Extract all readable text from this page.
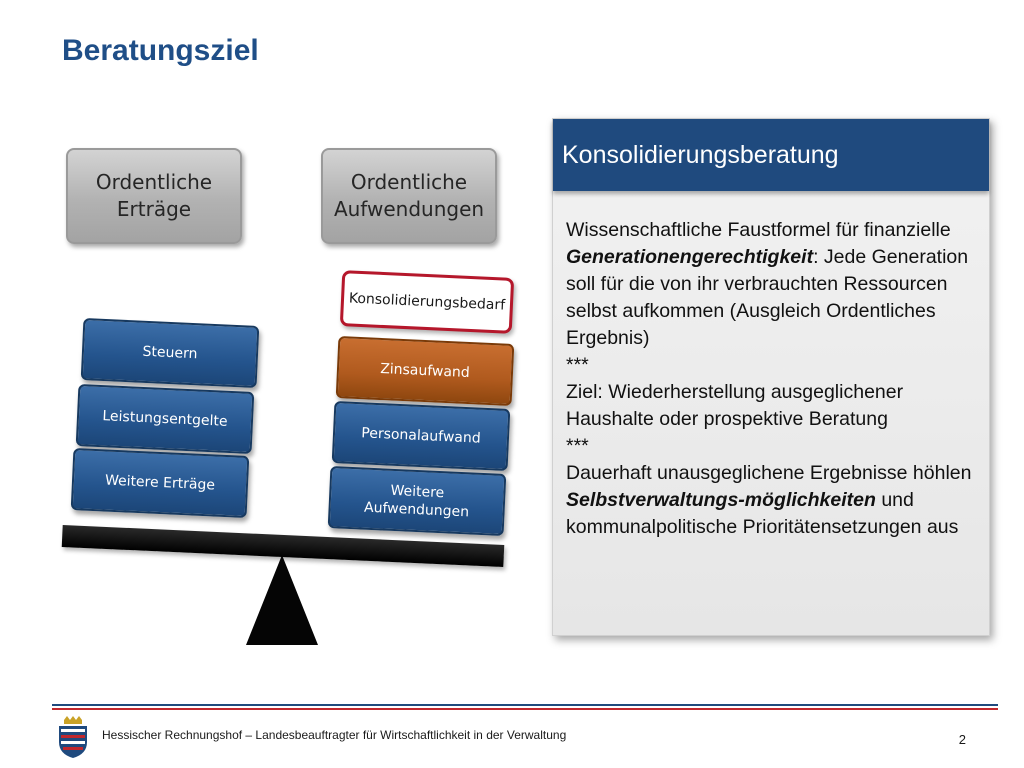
Beratungsziel
Ordentliche
Erträge
Ordentliche
Aufwendungen
Steuern
Leistungsentgelte
Weitere Erträge
Konsolidierungsbedarf
Zinsaufwand
Personalaufwand
Weitere
Aufwendungen
Konsolidierungsberatung
Wissenschaftliche Faustformel für finanzielle Generationengerechtigkeit: Jede Generation soll für die von ihr verbrauchten Ressourcen selbst aufkommen (Ausgleich Ordentliches Ergebnis)
***
Ziel: Wiederherstellung ausgeglichener Haushalte oder prospektive Beratung
***
Dauerhaft unausgeglichene Ergebnisse höhlen Selbstverwaltungs-möglichkeiten und kommunalpolitische Prioritätensetzungen aus
Hessischer Rechnungshof – Landesbeauftragter für Wirtschaftlichkeit in der Verwaltung	2
